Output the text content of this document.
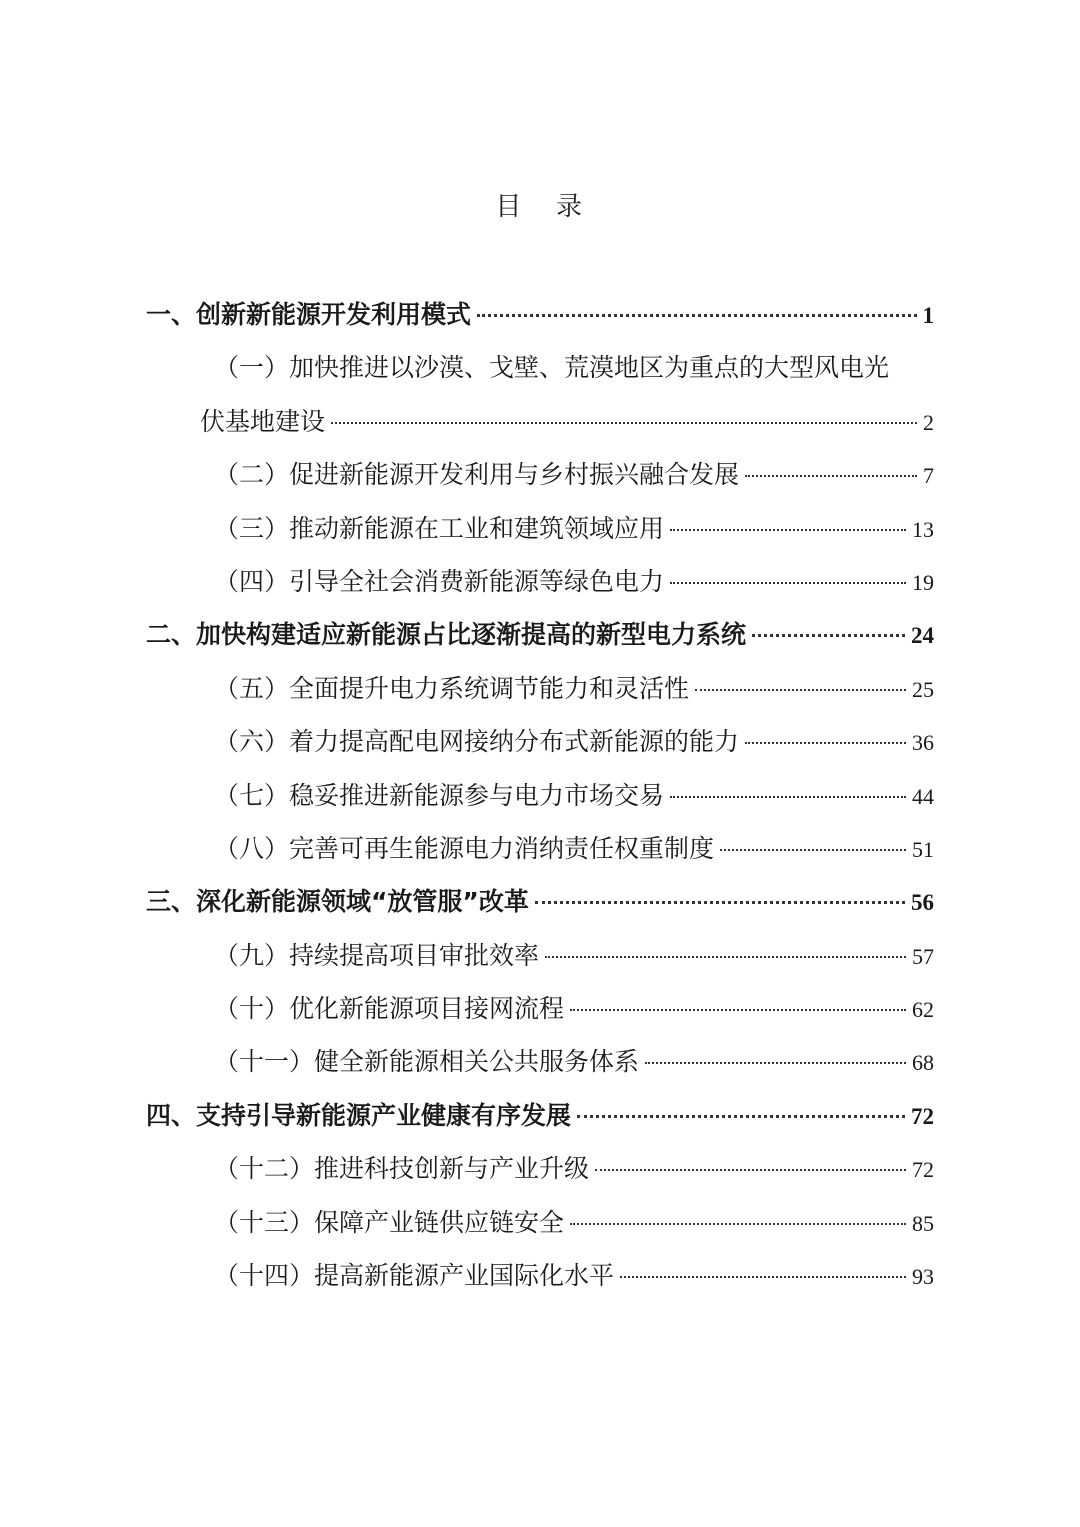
目 录
一、创新新能源开发利用模式	1
（一）加快推进以沙漠、戈壁、荒漠地区为重点的大型风电光
伏基地建设	2
（二）促进新能源开发利用与乡村振兴融合发展	7
（三）推动新能源在工业和建筑领域应用	13
（四）引导全社会消费新能源等绿色电力	19
二、加快构建适应新能源占比逐渐提高的新型电力系统	24
（五）全面提升电力系统调节能力和灵活性	25
（六）着力提高配电网接纳分布式新能源的能力	36
（七）稳妥推进新能源参与电力市场交易	44
（八）完善可再生能源电力消纳责任权重制度	51
三、深化新能源领域“放管服”改革	56
（九）持续提高项目审批效率	57
（十）优化新能源项目接网流程	62
（十一）健全新能源相关公共服务体系	68
四、支持引导新能源产业健康有序发展	72
（十二）推进科技创新与产业升级	72
（十三）保障产业链供应链安全	85
（十四）提高新能源产业国际化水平	93
